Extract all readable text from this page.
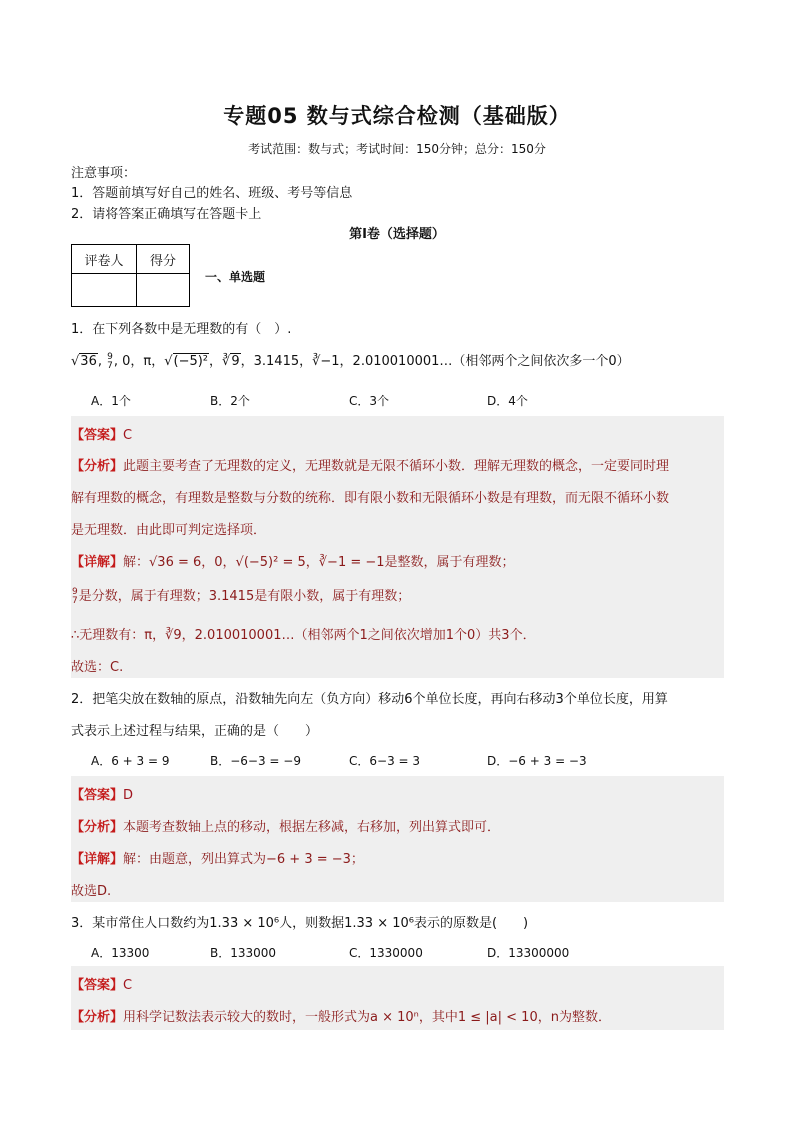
专题05 数与式综合检测（基础版）
考试范围：数与式；考试时间：150分钟；总分：150分
注意事项：
1．答题前填写好自己的姓名、班级、考号等信息
2．请将答案正确填写在答题卡上
第I卷（选择题）
评卷人	得分

一、单选题
1．在下列各数中是无理数的有（　）.
√36, 9
7 , 0，π，√(−5)²，∛9，3.1415，∛−1，2.010010001…（相邻两个之间依次多一个0）
A．1个	B．2个	C．3个	D．4个
【答案】C
【分析】此题主要考查了无理数的定义，无理数就是无限不循环小数．理解无理数的概念，一定要同时理
解有理数的概念，有理数是整数与分数的统称．即有限小数和无限循环小数是有理数，而无限不循环小数
是无理数．由此即可判定选择项．
【详解】解：√36 = 6，0，√(−5)² = 5，∛−1 = −1是整数，属于有理数；
9
7 是分数，属于有理数；3.1415是有限小数，属于有理数；
∴无理数有：π，∛9，2.010010001…（相邻两个1之间依次增加1个0）共3个．
故选：C.
2．把笔尖放在数轴的原点，沿数轴先向左（负方向）移动6个单位长度，再向右移动3个单位长度，用算
式表示上述过程与结果，正确的是（　　）
A．6 + 3 = 9	B．−6−3 = −9	C．6−3 = 3	D．−6 + 3 = −3
【答案】D
【分析】本题考查数轴上点的移动，根据左移减，右移加，列出算式即可．
【详解】解：由题意，列出算式为−6 + 3 = −3；
故选D.
3．某市常住人口数约为1.33 × 10⁶人，则数据1.33 × 10⁶表示的原数是(　　)
A．13300	B．133000	C．1330000	D．13300000
【答案】C
【分析】用科学记数法表示较大的数时，一般形式为a × 10ⁿ，其中1 ≤ |a| < 10，n为整数．
